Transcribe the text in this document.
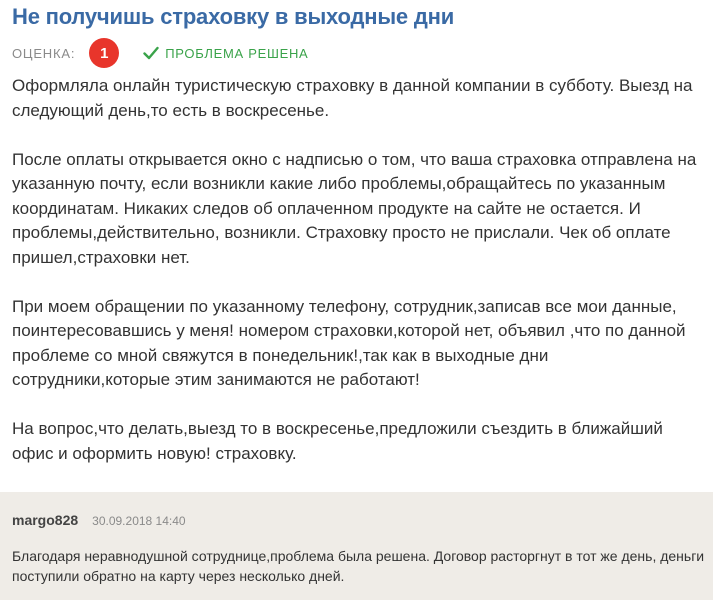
Не получишь страховку в выходные дни
ОЦЕНКА:	1	ПРОБЛЕМА РЕШЕНА

Оформляла онлайн туристическую страховку в данной компании в субботу. Выезд на следующий день,то есть в воскресенье.

После оплаты открывается окно с надписью о том, что ваша страховка отправлена на указанную почту, если возникли какие либо проблемы,обращайтесь по указанным координатам. Никаких следов об оплаченном продукте на сайте не остается. И проблемы,действительно, возникли. Страховку просто не прислали. Чек об оплате пришел,страховки нет.

При моем обращении по указанному телефону, сотрудник,записав все мои данные, поинтересовавшись у меня! номером страховки,которой нет, объявил ,что по данной проблеме со мной свяжутся в понедельник!,так как в выходные дни сотрудники,которые этим занимаются не работают!

На вопрос,что делать,выезд то в воскресенье,предложили съездить в ближайший офис и оформить новую! страховку.

margo828 30.09.2018 14:40
Благодаря неравнодушной сотруднице,проблема была решена. Договор расторгнут в тот же день, деньги поступили обратно на карту через несколько дней.
